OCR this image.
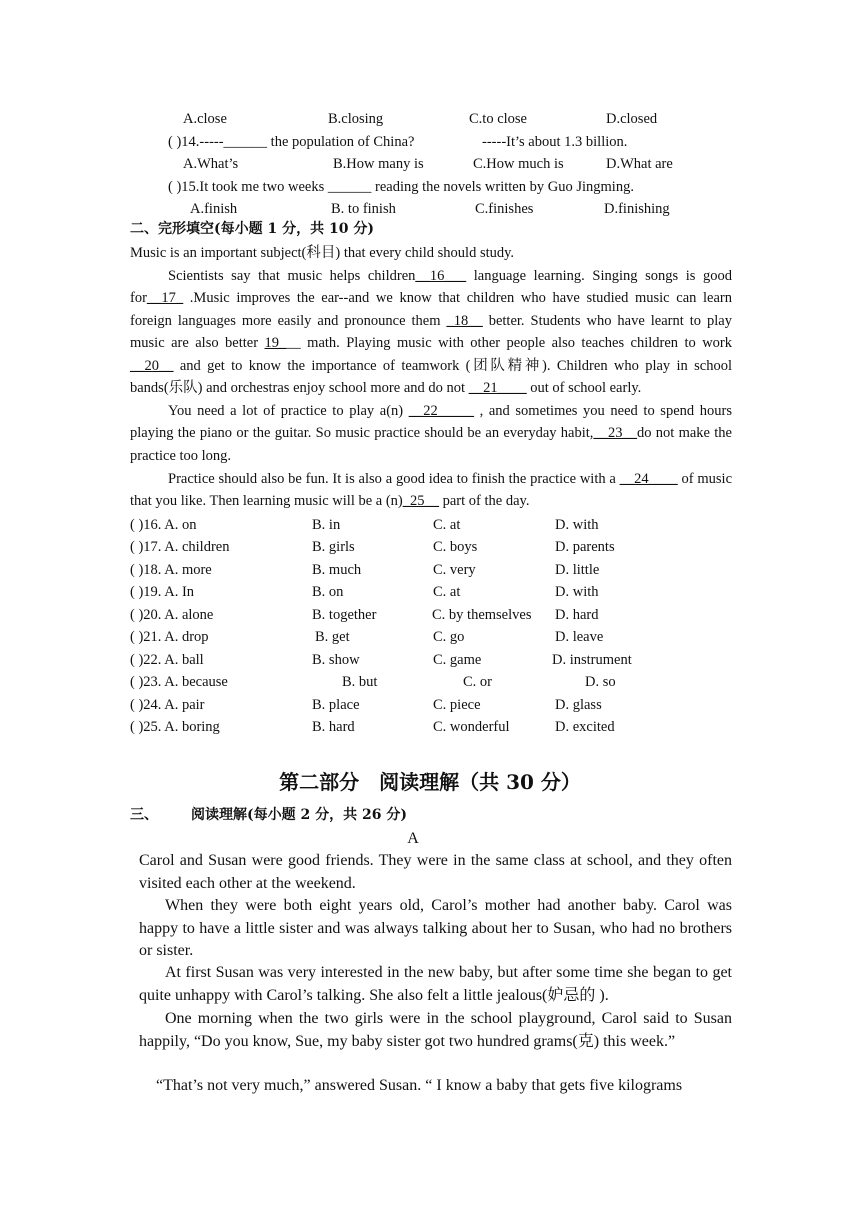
A.close	B.closing	C.to close	D.closed
( )14.-----______ the population of China?	-----It’s about 1.3 billion.
A.What’s	B.How many is	C.How much is	D.What are
( )15.It took me two weeks ______ reading the novels written by Guo Jingming.
A.finish	B. to finish	C.finishes	D.finishing
二、完形填空(每小题 1 分，共 10 分)
Music is an important subject(科目) that every child should study.
Scientists say that music helps children__16___ language learning. Singing songs is good for__17_ .Music improves the ear--and we know that children who have studied music can learn foreign languages more easily and pronounce them _18__ better. Students who have learnt to play music are also better 19___ math. Playing music with other people also teaches children to work __20__ and get to know the importance of teamwork (团队精神). Children who play in school bands(乐队) and orchestras enjoy school more and do not __21____ out of school early.
You need a lot of practice to play a(n) __22_____ , and sometimes you need to spend hours playing the piano or the guitar. So music practice should be an everyday habit,__23__do not make the practice too long.
Practice should also be fun. It is also a good idea to finish the practice with a __24____ of music that you like. Then learning music will be a (n)_25__ part of the day.
( )16. A. on	B. in	C. at	D. with
( )17. A. children	B. girls	C. boys	D. parents
( )18. A. more	B. much	C. very	D. little
( )19. A. In	B. on	C. at	D. with
( )20. A. alone	B. together	C. by themselves D. hard
( )21. A. drop	B. get	C. go	D. leave
( )22. A. ball	B. show	C. game	D. instrument
( )23. A. because	B. but	C. or	D. so
( )24. A. pair	B. place	C. piece	D. glass
( )25. A. boring	B. hard	C. wonderful	D. excited
第二部分　阅读理解（共 30 分）
三、 阅读理解(每小题 2 分，共 26 分)
A
Carol and Susan were good friends. They were in the same class at school, and they often visited each other at the weekend.
When they were both eight years old, Carol’s mother had another baby. Carol was happy to have a little sister and was always talking about her to Susan, who had no brothers or sister.
At first Susan was very interested in the new baby, but after some time she began to get quite unhappy with Carol’s talking. She also felt a little jealous(妒忌的 ).
One morning when the two girls were in the school playground, Carol said to Susan happily, “Do you know, Sue, my baby sister got two hundred grams(克) this week.”
“That’s not very much,” answered Susan. “ I know a baby that gets five kilograms
